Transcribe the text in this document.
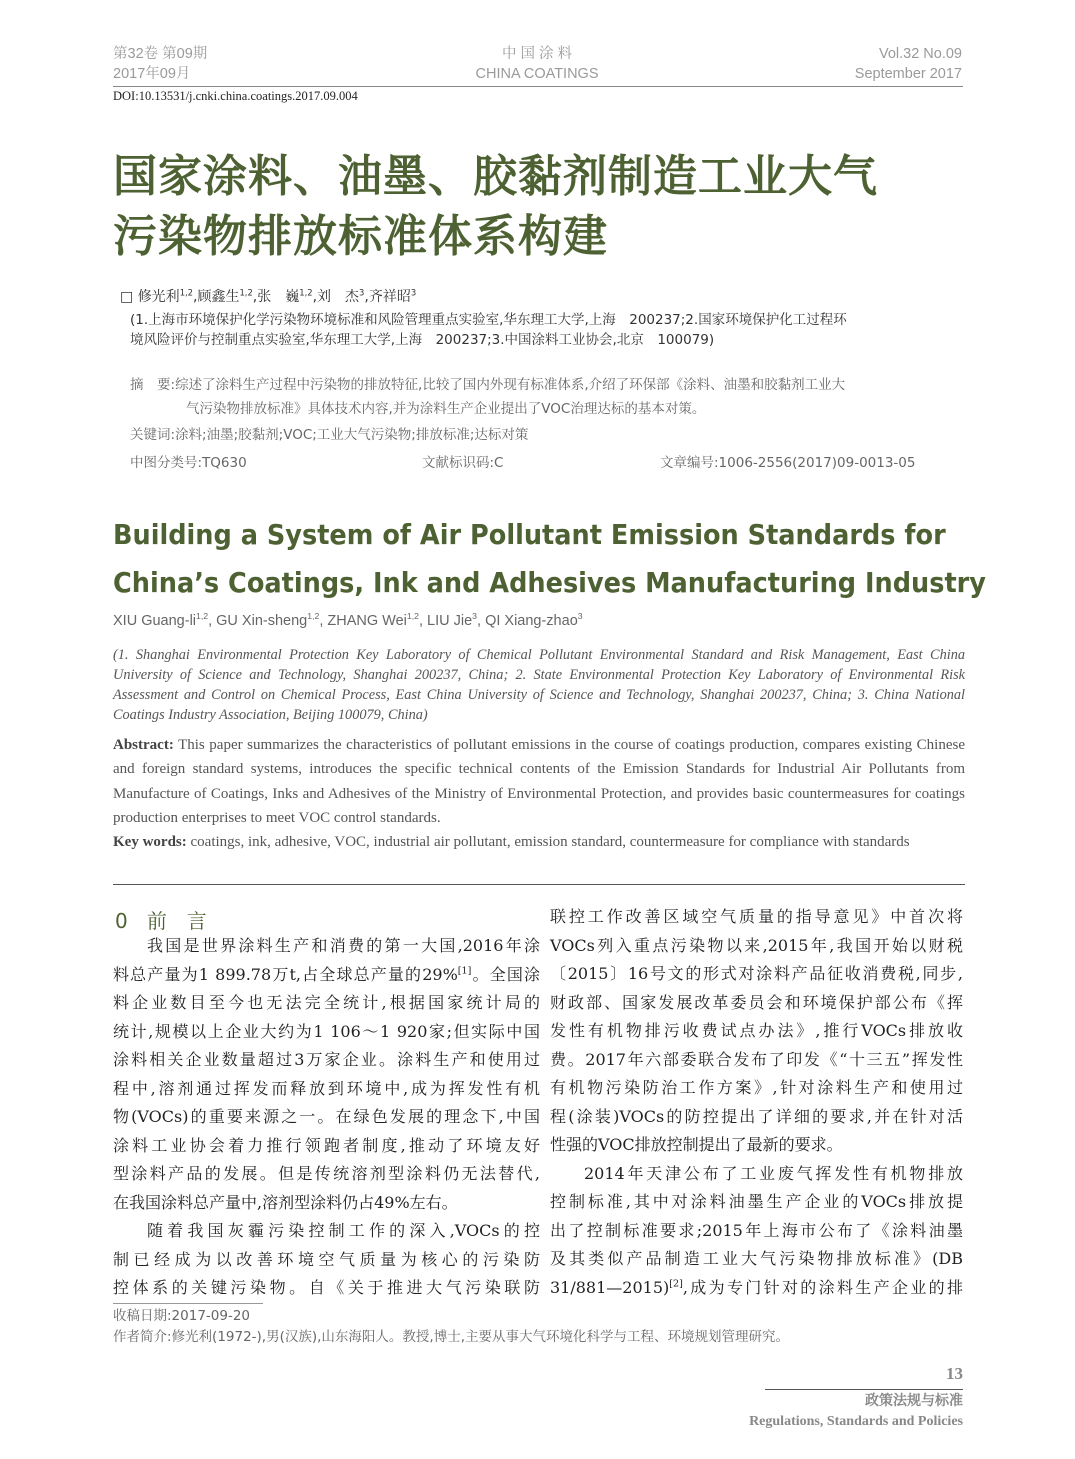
第32卷 第09期
2017年09月
中 国 涂 料
CHINA COATINGS
Vol.32 No.09
September 2017
DOI:10.13531/j.cnki.china.coatings.2017.09.004
国家涂料、油墨、胶黏剂制造工业大气
污染物排放标准体系构建
□ 修光利$^{1,2}$,顾鑫生$^{1,2}$,张　巍$^{1,2}$,刘　杰$^3$,齐祥昭$^3$
(1.上海市环境保护化学污染物环境标准和风险管理重点实验室,华东理工大学,上海　200237;2.国家环境保护化工过程环
境风险评价与控制重点实验室,华东理工大学,上海　200237;3.中国涂料工业协会,北京　100079)
摘　要:综述了涂料生产过程中污染物的排放特征,比较了国内外现有标准体系,介绍了环保部《涂料、油墨和胶黏剂工业大
气污染物排放标准》具体技术内容,并为涂料生产企业提出了VOC治理达标的基本对策。
关键词:涂料;油墨;胶黏剂;VOC;工业大气污染物;排放标准;达标对策
中图分类号:TQ630	文献标识码:C	文章编号:1006-2556(2017)09-0013-05
Building a System of Air Pollutant Emission Standards for
China’s Coatings, Ink and Adhesives Manufacturing Industry
XIU Guang-li$^{1,2}$, GU Xin-sheng$^{1,2}$, ZHANG Wei$^{1,2}$, LIU Jie$^3$, QI Xiang-zhao$^3$
(1. Shanghai Environmental Protection Key Laboratory of Chemical Pollutant Environmental Standard and Risk Management, East China University of Science and Technology, Shanghai 200237, China; 2. State Environmental Protection Key Laboratory of Environmental Risk Assessment and Control on Chemical Process, East China University of Science and Technology, Shanghai 200237, China; 3. China National Coatings Industry Association, Beijing 100079, China)
Abstract: This paper summarizes the characteristics of pollutant emissions in the course of coatings production, compares existing Chinese and foreign standard systems, introduces the specific technical contents of the Emission Standards for Industrial Air Pollutants from Manufacture of Coatings, Inks and Adhesives of the Ministry of Environmental Protection, and provides basic countermeasures for coatings production enterprises to meet VOC control standards.
Key words: coatings, ink, adhesive, VOC, industrial air pollutant, emission standard, countermeasure for compliance with standards
0 前　言
我国是世界涂料生产和消费的第一大国,2016年涂
料总产量为1 899.78万t,占全球总产量的29%[1]。全国涂
料企业数目至今也无法完全统计,根据国家统计局的
统计,规模以上企业大约为1 106～1 920家;但实际中国
涂料相关企业数量超过3万家企业。涂料生产和使用过
程中,溶剂通过挥发而释放到环境中,成为挥发性有机
物(VOCs)的重要来源之一。在绿色发展的理念下,中国
涂料工业协会着力推行领跑者制度,推动了环境友好
型涂料产品的发展。但是传统溶剂型涂料仍无法替代,
在我国涂料总产量中,溶剂型涂料仍占49%左右。
随着我国灰霾污染控制工作的深入,VOCs的控
制已经成为以改善环境空气质量为核心的污染防
控体系的关键污染物。自《关于推进大气污染联防
联控工作改善区域空气质量的指导意见》中首次将
VOCs列入重点污染物以来,2015年,我国开始以财税
〔2015〕16号文的形式对涂料产品征收消费税,同步,
财政部、国家发展改革委员会和环境保护部公布《挥
发性有机物排污收费试点办法》,推行VOCs排放收
费。2017年六部委联合发布了印发《“十三五”挥发性
有机物污染防治工作方案》,针对涂料生产和使用过
程(涂装)VOCs的防控提出了详细的要求,并在针对活
性强的VOC排放控制提出了最新的要求。
2014年天津公布了工业废气挥发性有机物排放
控制标准,其中对涂料油墨生产企业的VOCs排放提
出了控制标准要求;2015年上海市公布了《涂料油墨
及其类似产品制造工业大气污染物排放标准》(DB
31/881—2015)[2],成为专门针对的涂料生产企业的排
收稿日期:2017-09-20
作者简介:修光利(1972-),男(汉族),山东海阳人。教授,博士,主要从事大气环境化科学与工程、环境规划管理研究。
13
政策法规与标准
Regulations, Standards and Policies
